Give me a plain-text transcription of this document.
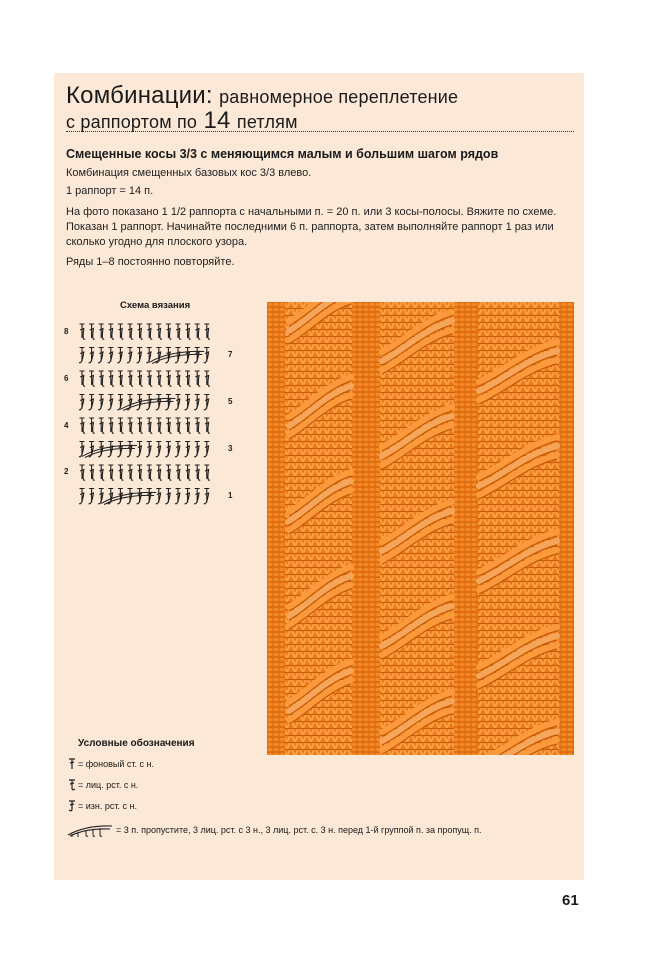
Комбинации: равномерное переплетение
с раппортом по 14 петлям
Смещенные косы 3/3 с меняющимся малым и большим шагом рядов
Комбинация смещенных базовых кос 3/3 влево.
1 раппорт = 14 п.
На фото показано 1 1/2 раппорта с начальными п. = 20 п. или 3 косы-полосы. Вяжите по схеме. Показан 1 раппорт. Начинайте последними 6 п. раппорта, затем выполняйте раппорт 1 раз или сколько угодно для плоского узора.
Ряды 1–8 постоянно повторяйте.
Схема вязания
8
6
4
2
7
5
3
1
Условные обозначения
= фоновый ст. с н.
= лиц. рст. с н.
= изн. рст. с н.
= 3 п. пропустите, 3 лиц. рст. с 3 н., 3 лиц. рст. с. 3 н. перед 1-й группой п. за пропущ. п.
61
